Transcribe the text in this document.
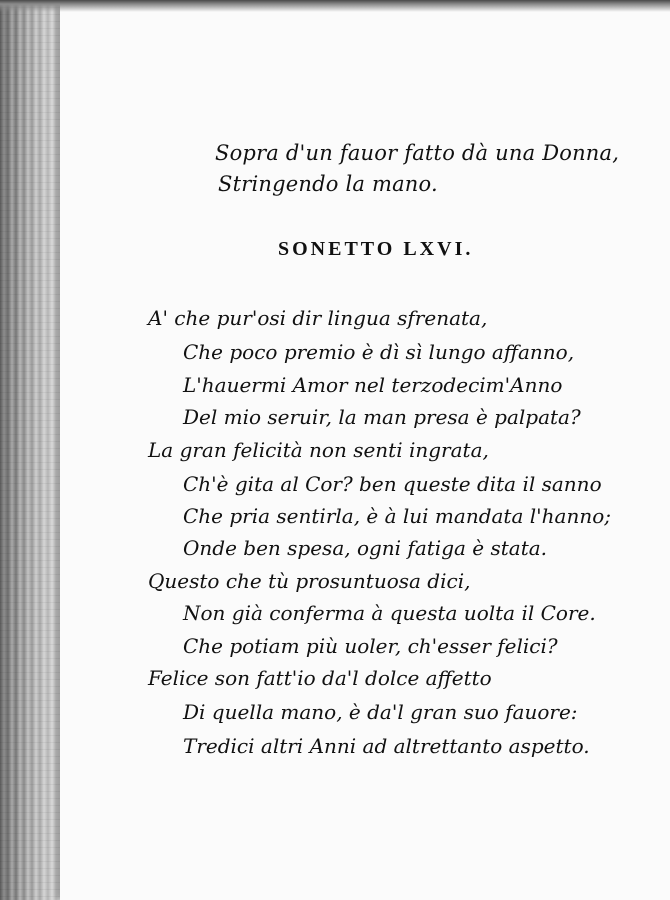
Sopra d'un fauor fatto dà una Donna,
Stringendo la mano.
SONETTO LXVI.
A' che pur'osi dir lingua sfrenata,
Che poco premio è dì sì lungo affanno,
L'hauermi Amor nel terzodecim'Anno
Del mio seruir, la man presa è palpata?
La gran felicità non senti ingrata,
Ch'è gita al Cor? ben queste dita il sanno
Che pria sentirla, è à lui mandata l'hanno;
Onde ben spesa, ogni fatiga è stata.
Questo che tù prosuntuosa dici,
Non già conferma à questa uolta il Core.
Che potiam più uoler, ch'esser felici?
Felice son fatt'io da'l dolce affetto
Di quella mano, è da'l gran suo fauore:
Tredici altri Anni ad altrettanto aspetto.
